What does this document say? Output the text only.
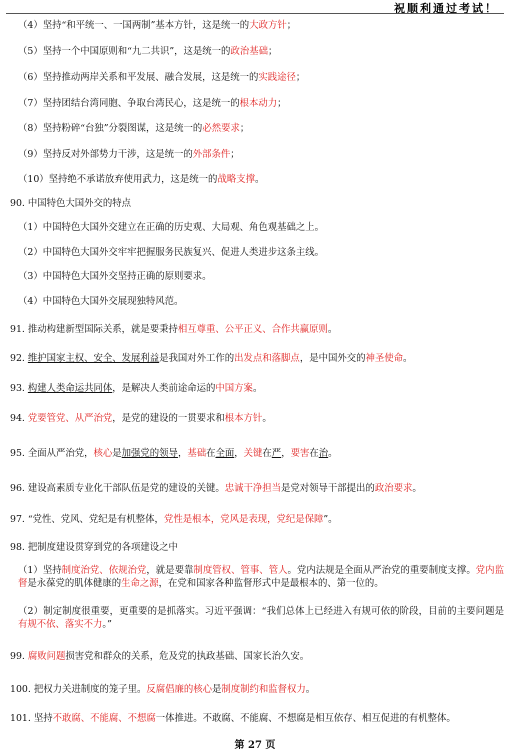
祝顺利通过考试！
（4）坚持“和平统一、一国两制”基本方针，这是统一的大政方针；
（5）坚持一个中国原则和“九二共识”，这是统一的政治基础；
（6）坚持推动两岸关系和平发展、融合发展，这是统一的实践途径；
（7）坚持团结台湾同胞、争取台湾民心，这是统一的根本动力；
（8）坚持粉碎“台独”分裂图谋，这是统一的必然要求；
（9）坚持反对外部势力干涉，这是统一的外部条件；
（10）坚持绝不承诺放弃使用武力，这是统一的战略支撑。
90. 中国特色大国外交的特点
（1）中国特色大国外交建立在正确的历史观、大局观、角色观基础之上。
（2）中国特色大国外交牢牢把握服务民族复兴、促进人类进步这条主线。
（3）中国特色大国外交坚持正确的原则要求。
（4）中国特色大国外交展现独特风范。
91. 推动构建新型国际关系，就是要秉持相互尊重、公平正义、合作共赢原则。
92. 维护国家主权、安全、发展利益是我国对外工作的出发点和落脚点，是中国外交的神圣使命。
93. 构建人类命运共同体，是解决人类前途命运的中国方案。
94. 党要管党、从严治党，是党的建设的一贯要求和根本方针。
95. 全面从严治党，核心是加强党的领导，基础在全面，关键在严，要害在治。
96. 建设高素质专业化干部队伍是党的建设的关键。忠诚干净担当是党对领导干部提出的政治要求。
97. “党性、党风、党纪是有机整体，党性是根本，党风是表现，党纪是保障”。
98. 把制度建设贯穿到党的各项建设之中
（1）坚持制度治党、依规治党，就是要靠制度管权、管事、管人。党内法规是全面从严治党的重要制度支撑。党内监督是永葆党的肌体健康的生命之源，在党和国家各种监督形式中是最根本的、第一位的。
（2）制定制度很重要，更重要的是抓落实。习近平强调：“我们总体上已经进入有规可依的阶段，目前的主要问题是有规不依、落实不力。”
99. 腐败问题损害党和群众的关系，危及党的执政基础、国家长治久安。
100. 把权力关进制度的笼子里。反腐倡廉的核心是制度制约和监督权力。
101. 坚持不敢腐、不能腐、不想腐一体推进。不敢腐、不能腐、不想腐是相互依存、相互促进的有机整体。
第 27 页
